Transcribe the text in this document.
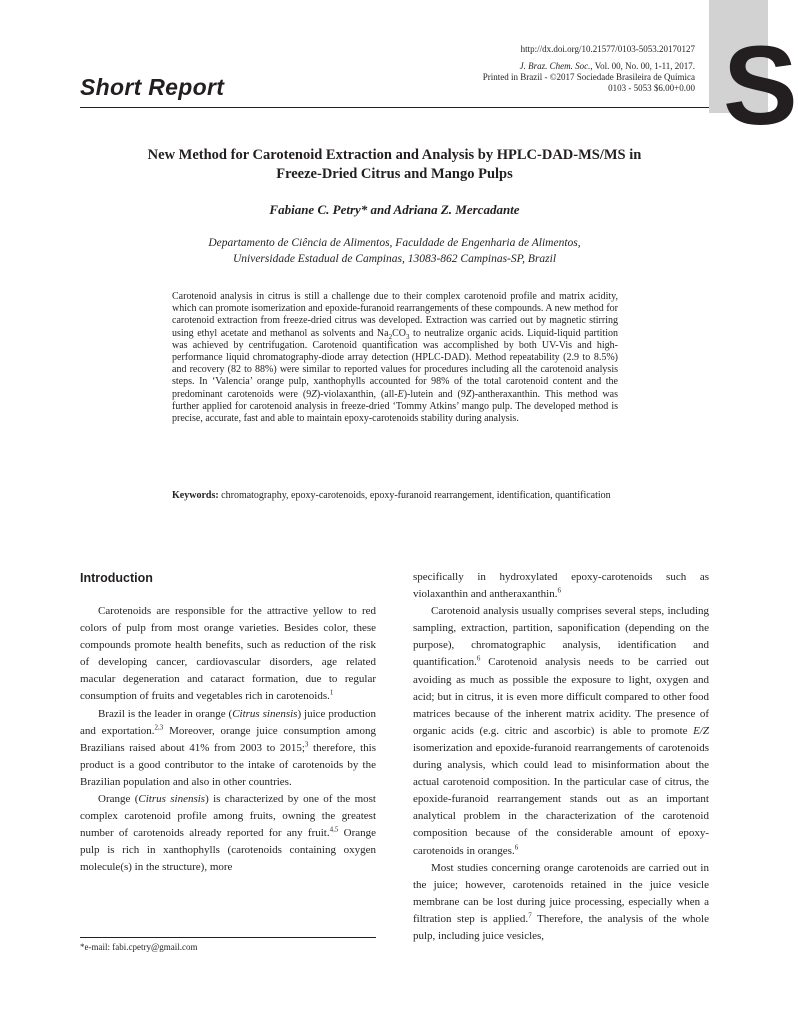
S
http://dx.doi.org/10.21577/0103-5053.20170127
J. Braz. Chem. Soc., Vol. 00, No. 00, 1-11, 2017.
Printed in Brazil - ©2017 Sociedade Brasileira de Química
0103 - 5053 $6.00+0.00
Short Report
New Method for Carotenoid Extraction and Analysis by HPLC-DAD-MS/MS in
Freeze-Dried Citrus and Mango Pulps
Fabiane C. Petry* and Adriana Z. Mercadante
Departamento de Ciência de Alimentos, Faculdade de Engenharia de Alimentos,
Universidade Estadual de Campinas, 13083-862 Campinas-SP, Brazil

Carotenoid analysis in citrus is still a challenge due to their complex carotenoid profile and matrix acidity, which can promote isomerization and epoxide-furanoid rearrangements of these compounds. A new method for carotenoid extraction from freeze-dried citrus was developed. Extraction was carried out by magnetic stirring using ethyl acetate and methanol as solvents and $Na_2CO_3$ to neutralize organic acids. Liquid-liquid partition was achieved by centrifugation. Carotenoid quantification was accomplished by both UV-Vis and high-performance liquid chromatography-diode array detection (HPLC-DAD). Method repeatability (2.9 to 8.5%) and recovery (82 to 88%) were similar to reported values for procedures including all the carotenoid analysis steps. In ‘Valencia’ orange pulp, xanthophylls accounted for 98% of the total carotenoid content and the predominant carotenoids were (9Z)-violaxanthin, (all-E)-lutein and (9Z)-antheraxanthin. This method was further applied for carotenoid analysis in freeze-dried ‘Tommy Atkins’ mango pulp. The developed method is precise, accurate, fast and able to maintain epoxy-carotenoids stability during analysis.

Keywords: chromatography, epoxy-carotenoids, epoxy-furanoid rearrangement, identification, quantification

Introduction

Carotenoids are responsible for the attractive yellow to red colors of pulp from most orange varieties. Besides color, these compounds promote health benefits, such as reduction of the risk of developing cancer, cardiovascular disorders, age related macular degeneration and cataract formation, due to regular consumption of fruits and vegetables rich in carotenoids.$^1$

Brazil is the leader in orange (Citrus sinensis) juice production and exportation.$^{2,3}$ Moreover, orange juice consumption among Brazilians raised about 41% from 2003 to 2015;$^3$ therefore, this product is a good contributor to the intake of carotenoids by the Brazilian population and also in other countries.

Orange (Citrus sinensis) is characterized by one of the most complex carotenoid profile among fruits, owning the greatest number of carotenoids already reported for any fruit.$^{4,5}$ Orange pulp is rich in xanthophylls (carotenoids containing oxygen molecule(s) in the structure), more

specifically in hydroxylated epoxy-carotenoids such as violaxanthin and antheraxanthin.$^6$

Carotenoid analysis usually comprises several steps, including sampling, extraction, partition, saponification (depending on the purpose), chromatographic analysis, identification and quantification.$^6$ Carotenoid analysis needs to be carried out avoiding as much as possible the exposure to light, oxygen and acid; but in citrus, it is even more difficult compared to other food matrices because of the inherent matrix acidity. The presence of organic acids (e.g. citric and ascorbic) is able to promote E/Z isomerization and epoxide-furanoid rearrangements of carotenoids during analysis, which could lead to misinformation about the actual carotenoid composition. In the particular case of citrus, the epoxide-furanoid rearrangement stands out as an important analytical problem in the characterization of the carotenoid composition because of the considerable amount of epoxy-carotenoids in oranges.$^6$

Most studies concerning orange carotenoids are carried out in the juice; however, carotenoids retained in the juice vesicle membrane can be lost during juice processing, especially when a filtration step is applied.$^7$ Therefore, the analysis of the whole pulp, including juice vesicles,

*e-mail: fabi.cpetry@gmail.com
